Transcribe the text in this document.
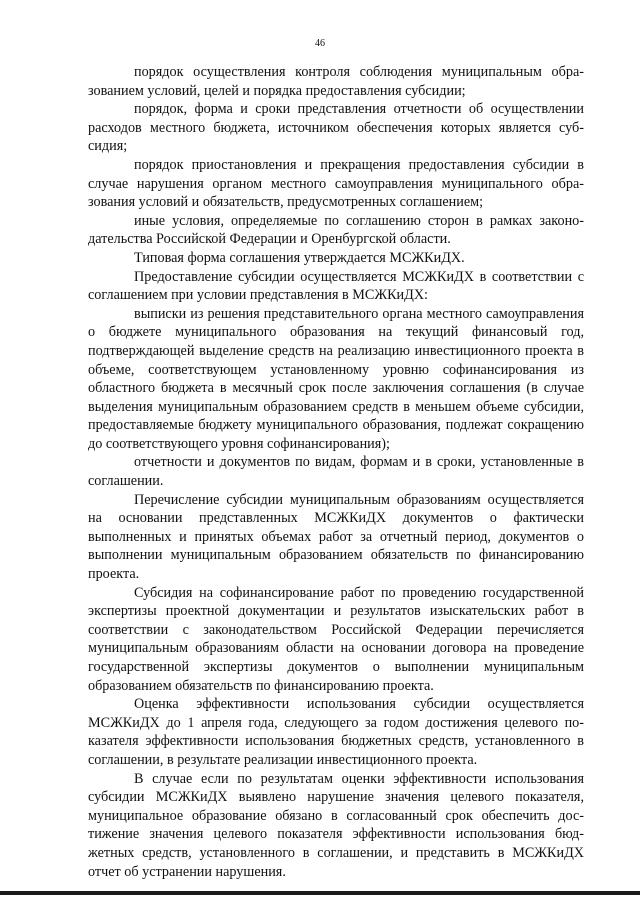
46

порядок осуществления контроля соблюдения муниципальным образованием условий, целей и порядка предоставления субсидии;

порядок, форма и сроки представления отчетности об осуществлении расходов местного бюджета, источником обеспечения которых является субсидия;

порядок приостановления и прекращения предоставления субсидии в случае нарушения органом местного самоуправления муниципального образования условий и обязательств, предусмотренных соглашением;

иные условия, определяемые по соглашению сторон в рамках законодательства Российской Федерации и Оренбургской области.

Типовая форма соглашения утверждается МСЖКиДХ.

Предоставление субсидии осуществляется МСЖКиДХ в соответствии с соглашением при условии представления в МСЖКиДХ:

выписки из решения представительного органа местного самоуправления о бюджете муниципального образования на текущий финансовый год, подтверждающей выделение средств на реализацию инвестиционного проекта в объеме, соответствующем установленному уровню софинансирования из областного бюджета в месячный срок после заключения соглашения (в случае выделения муниципальным образованием средств в меньшем объеме субсидии, предоставляемые бюджету муниципального образования, подлежат сокращению до соответствующего уровня софинансирования);

отчетности и документов по видам, формам и в сроки, установленные в соглашении.

Перечисление субсидии муниципальным образованиям осуществляется на основании представленных МСЖКиДХ документов о фактически выполненных и принятых объемах работ за отчетный период, документов о выполнении муниципальным образованием обязательств по финансированию проекта.

Субсидия на софинансирование работ по проведению государственной экспертизы проектной документации и результатов изыскательских работ в соответствии с законодательством Российской Федерации перечисляется муниципальным образованиям области на основании договора на проведение государственной экспертизы документов о выполнении муниципальным образованием обязательств по финансированию проекта.

Оценка эффективности использования субсидии осуществляется МСЖКиДХ до 1 апреля года, следующего за годом достижения целевого показателя эффективности использования бюджетных средств, установленного в соглашении, в результате реализации инвестиционного проекта.

В случае если по результатам оценки эффективности использования субсидии МСЖКиДХ выявлено нарушение значения целевого показателя, муниципальное образование обязано в согласованный срок обеспечить достижение значения целевого показателя эффективности использования бюджетных средств, установленного в соглашении, и представить в МСЖКиДХ отчет об устранении нарушения.
